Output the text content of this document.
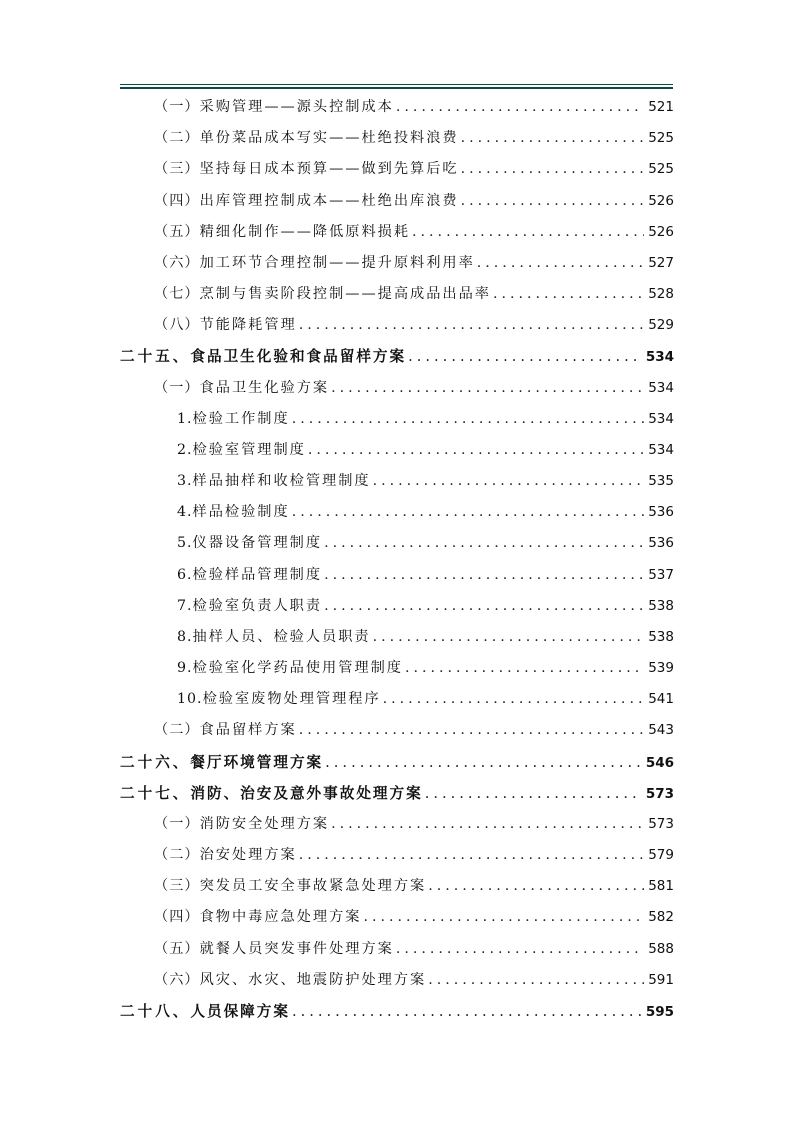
（一） 采购管理——源头控制成本 .....	521
（二） 单份菜品成本写实——杜绝投料浪费 .....	525
（三） 坚持每日成本预算——做到先算后吃 .....	525
（四） 出库管理控制成本——杜绝出库浪费 .....	526
（五） 精细化制作——降低原料损耗 .....	526
（六） 加工环节合理控制——提升原料利用率 .....	527
（七） 烹制与售卖阶段控制——提高成品出品率 .....	528
（八） 节能降耗管理 .....	529
二十五、 食品卫生化验和食品留样方案 .....	534
（一） 食品卫生化验方案 .....	534
1. 检验工作制度 .....	534
2. 检验室管理制度 .....	534
3. 样品抽样和收检管理制度 .....	535
4. 样品检验制度 .....	536
5. 仪器设备管理制度 .....	536
6. 检验样品管理制度 .....	537
7. 检验室负责人职责 .....	538
8. 抽样人员、检验人员职责 .....	538
9. 检验室化学药品使用管理制度 .....	539
10. 检验室废物处理管理程序 .....	541
（二） 食品留样方案 .....	543
二十六、 餐厅环境管理方案 .....	546
二十七、 消防、治安及意外事故处理方案 .....	573
（一） 消防安全处理方案 .....	573
（二） 治安处理方案 .....	579
（三） 突发员工安全事故紧急处理方案 .....	581
（四） 食物中毒应急处理方案 .....	582
（五） 就餐人员突发事件处理方案 .....	588
（六） 风灾、水灾、地震防护处理方案 .....	591
二十八、 人员保障方案 .....	595
